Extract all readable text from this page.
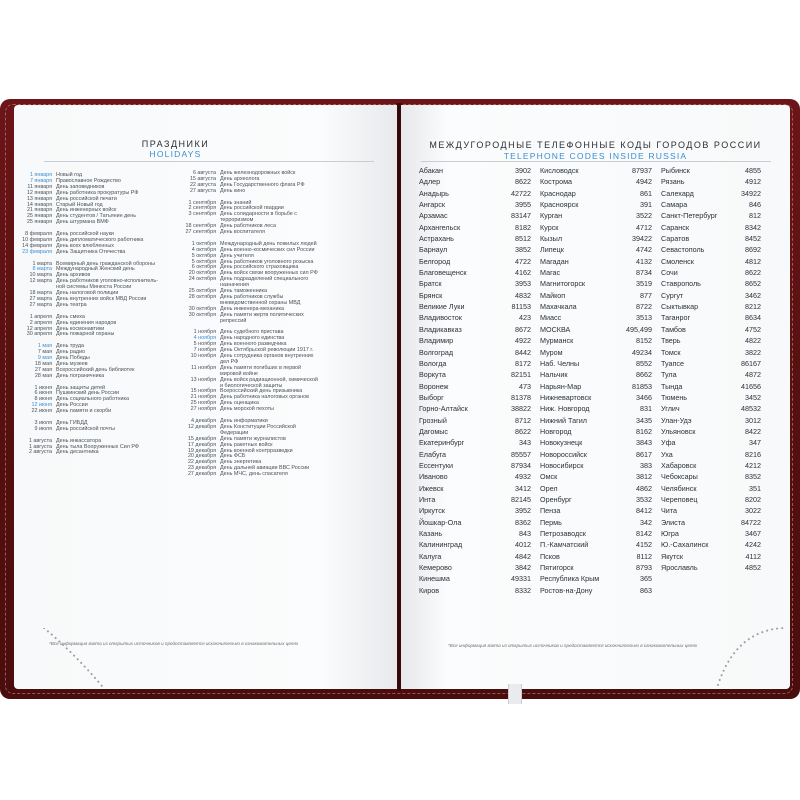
ПРАЗДНИКИ
HOLIDAYS
1 января Новый год
7 января Православное Рождество
11 января День заповедников
12 января День работника прокуратуры РФ
13 января День российской печати
14 января Старый Новый год
21 января День инженерных войск
25 января День студентов / Татьянин день
25 января День штурмана ВМФ
8 февраля День российской науки
10 февраля День дипломатического работника
14 февраля День всех влюбленных
23 февраля День Защитника Отечества
1 марта Всемирный день гражданской обороны
8 марта Международный Женский день
10 марта День архивов
12 марта День работников уголовно-исполнитель-
ной системы Минюста России
18 марта День налоговой полиции
27 марта День внутренних войск МВД России
27 марта День театра
1 апреля День смеха
2 апреля День единения народов
12 апреля День космонавтики
30 апреля День пожарной охраны
1 мая День труда
7 мая День радио
9 мая День Победы
18 мая День музеев
27 мая Всероссийский день библиотек
28 мая День пограничника
1 июня День защиты детей
6 июня Пушкинский день России
8 июня День социального работника
12 июня День России
22 июня День памяти и скорби
3 июля День ГИБДД
9 июля День российской почты
1 августа День инкассатора
1 августа День тыла Вооруженных Сил РФ
2 августа День десантника
6 августа День железнодорожных войск
15 августа День археолога
22 августа День Государственного флага РФ
27 августа День кино
1 сентября День знаний
2 сентября День российской гвардии
3 сентября День солидарности в борьбе с
терроризмом
18 сентября День работников леса
27 сентября День воспитателя
1 октября Международный день пожилых людей
4 октября День военно-космических сил России
5 октября День учителя
5 октября День работников уголовного розыска
6 октября День российского страховщика
20 октября День войск связи вооруженных сил РФ
24 октября День подразделений специального
назначения
25 октября День таможенника
28 октября День работников службы
вневедомственной охраны МВД
30 октября День инженера-механика
30 октября День памяти жертв политических
репрессий
1 ноября День судебного пристава
4 ноября День народного единства
5 ноября День военного разведчика
7 ноября День Октябрьской революции 1917 г.
10 ноября День сотрудника органов внутренних
дел РФ
11 ноября День памяти погибших в первой
мировой войне
13 ноября День войск радиационной, химической
и биологической защиты
15 ноября Всероссийский день призывника
21 ноября День работника налоговых органов
25 ноября День оценщика
27 ноября День морской пехоты
4 декабря День информатики
12 декабря День Конституции Российской
Федерации
15 декабря День памяти журналистов
17 декабря День ракетных войск
19 декабря День военной контрразведки
20 декабря День ФСБ
22 декабря День энергетика
23 декабря День дальней авиации ВВС России
27 декабря День МЧС, день спасателя
*Вся информация взята из открытых источников и предоставляется исключительно в ознакомительных целях
МЕЖДУГОРОДНЫЕ ТЕЛЕФОННЫЕ КОДЫ ГОРОДОВ РОССИИ
TELEPHONE CODES INSIDE RUSSIA
Абакан	3902
Адлер	8622
Анадырь	42722
Ангарск	3955
Арзамас	83147
Архангельск	8182
Астрахань	8512
Барнаул	3852
Белгород	4722
Благовещенск	4162
Братск	3953
Брянск	4832
Великие Луки	81153
Владивосток	423
Владикавказ	8672
Владимир	4922
Волгоград	8442
Вологда	8172
Воркута	82151
Воронеж	473
Выборг	81378
Горно-Алтайск	38822
Грозный	8712
Дагомыс	8622
Екатеринбург	343
Елабуга	85557
Ессентуки	87934
Иваново	4932
Ижевск	3412
Инта	82145
Иркутск	3952
Йошкар-Ола	8362
Казань	843
Калининград	4012
Калуга	4842
Кемерово	3842
Кинешма	49331
Киров	8332
Кисловодск	87937
Кострома	4942
Краснодар	861
Красноярск	391
Курган	3522
Курск	4712
Кызыл	39422
Липецк	4742
Магадан	4132
Магас	8734
Магнитогорск	3519
Майкоп	877
Махачкала	8722
Миасс	3513
МОСКВА	495,499
Мурманск	8152
Муром	49234
Наб. Челны	8552
Нальчик	8662
Нарьян-Мар	81853
Нижневартовск	3466
Ниж. Новгород	831
Нижний Тагил	3435
Новгород	8162
Новокузнецк	3843
Новороссийск	8617
Новосибирск	383
Омск	3812
Орел	4862
Оренбург	3532
Пенза	8412
Пермь	342
Петрозаводск	8142
П.-Камчатский	4152
Псков	8112
Пятигорск	8793
Республика Крым	365
Ростов-на-Дону	863
Рыбинск	4855
Рязань	4912
Салехард	34922
Самара	846
Санкт-Петербург	812
Саранск	8342
Саратов	8452
Севастополь	8692
Смоленск	4812
Сочи	8622
Ставрополь	8652
Сургут	3462
Сыктывкар	8212
Таганрог	8634
Тамбов	4752
Тверь	4822
Томск	3822
Туапсе	86167
Тула	4872
Тында	41656
Тюмень	3452
Углич	48532
Улан-Удэ	3012
Ульяновск	8422
Уфа	347
Уха	8216
Хабаровск	4212
Чебоксары	8352
Челябинск	351
Череповец	8202
Чита	3022
Элиста	84722
Югра	3467
Ю.-Сахалинск	4242
Якутск	4112
Ярославль	4852
*Вся информация взята из открытых источников и предоставляется исключительно в ознакомительных целях
